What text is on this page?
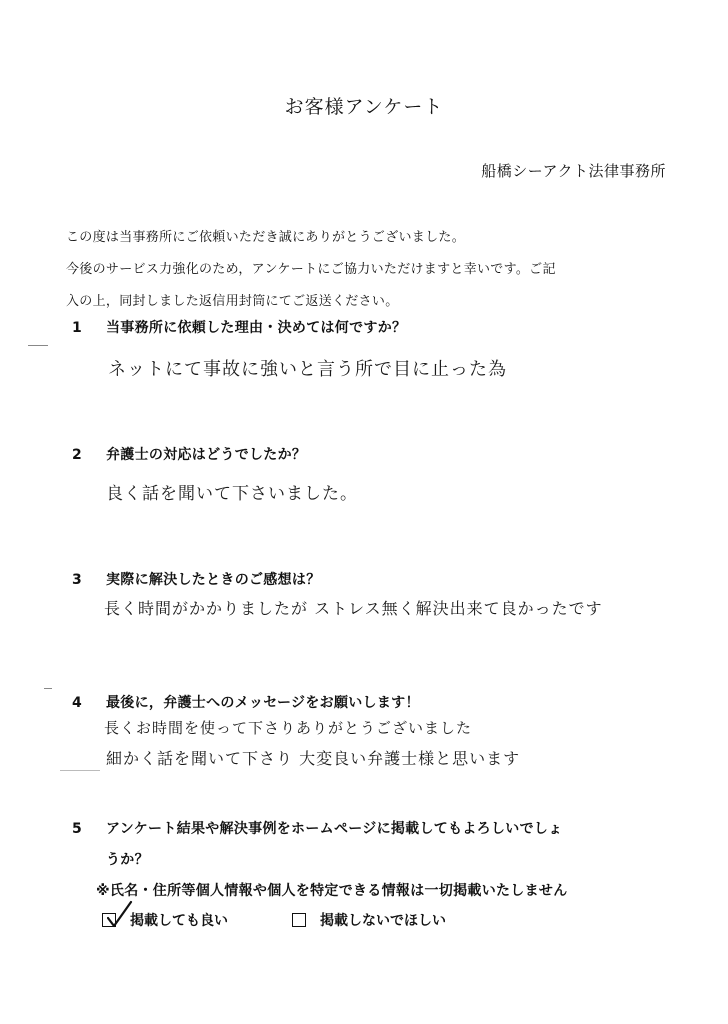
お客様アンケート
船橋シーアクト法律事務所

この度は当事務所にご依頼いただき誠にありがとうございました。

今後のサービス力強化のため，アンケートにご協力いただけますと幸いです。ご記

入の上，同封しました返信用封筒にてご返送ください。

1 当事務所に依頼した理由・決めては何ですか？
ネットにて事故に強いと言う所で目に止った為
2 弁護士の対応はどうでしたか？
良く話を聞いて下さいました。
3 実際に解決したときのご感想は？
長く時間がかかりましたが ストレス無く解決出来て良かったです
4 最後に，弁護士へのメッセージをお願いします！
長くお時間を使って下さりありがとうございました
細かく話を聞いて下さり 大変良い弁護士様と思います
5 アンケート結果や解決事例をホームページに掲載してもよろしいでしょ
うか？
※氏名・住所等個人情報や個人を特定できる情報は一切掲載いたしません
掲載しても良い	掲載しないでほしい
